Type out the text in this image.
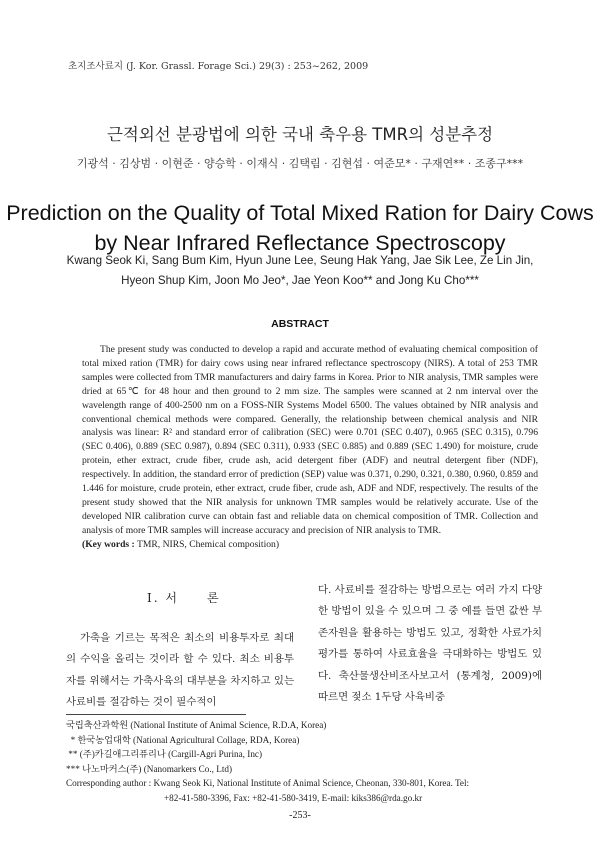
초지조사료지 (J. Kor. Grassl. Forage Sci.) 29(3) : 253~262, 2009
근적외선 분광법에 의한 국내 축우용 TMR의 성분추정
기광석 · 김상범 · 이현준 · 양승학 · 이재식 · 김택림 · 김현섭 · 여준모* · 구재연** · 조종구***
Prediction on the Quality of Total Mixed Ration for Dairy Cows
by Near Infrared Reflectance Spectroscopy
Kwang Seok Ki, Sang Bum Kim, Hyun June Lee, Seung Hak Yang, Jae Sik Lee, Ze Lin Jin,
Hyeon Shup Kim, Joon Mo Jeo*, Jae Yeon Koo** and Jong Ku Cho***
ABSTRACT

The present study was conducted to develop a rapid and accurate method of evaluating chemical composition of total mixed ration (TMR) for dairy cows using near infrared reflectance spectroscopy (NIRS). A total of 253 TMR samples were collected from TMR manufacturers and dairy farms in Korea. Prior to NIR analysis, TMR samples were dried at 65℃ for 48 hour and then ground to 2 mm size. The samples were scanned at 2 nm interval over the wavelength range of 400-2500 nm on a FOSS-NIR Systems Model 6500. The values obtained by NIR analysis and conventional chemical methods were compared. Generally, the relationship between chemical analysis and NIR analysis was linear: R² and standard error of calibration (SEC) were 0.701 (SEC 0.407), 0.965 (SEC 0.315), 0.796 (SEC 0.406), 0.889 (SEC 0.987), 0.894 (SEC 0.311), 0.933 (SEC 0.885) and 0.889 (SEC 1.490) for moisture, crude protein, ether extract, crude fiber, crude ash, acid detergent fiber (ADF) and neutral detergent fiber (NDF), respectively. In addition, the standard error of prediction (SEP) value was 0.371, 0.290, 0.321, 0.380, 0.960, 0.859 and 1.446 for moisture, crude protein, ether extract, crude fiber, crude ash, ADF and NDF, respectively. The results of the present study showed that the NIR analysis for unknown TMR samples would be relatively accurate. Use of the developed NIR calibration curve can obtain fast and reliable data on chemical composition of TMR. Collection and analysis of more TMR samples will increase accuracy and precision of NIR analysis to TMR.

(Key words : TMR, NIRS, Chemical composition)
Ⅰ. 서　　론

가축을 기르는 목적은 최소의 비용투자로 최대의 수익을 올리는 것이라 할 수 있다. 최소 비용투자를 위해서는 가축사육의 대부분을 차지하고 있는 사료비를 절감하는 것이 필수적이

다. 사료비를 절감하는 방법으로는 여러 가지 다양한 방법이 있을 수 있으며 그 중 예를 들면 값싼 부존자원을 활용하는 방법도 있고, 정확한 사료가치 평가를 통하여 사료효율을 극대화하는 방법도 있다. 축산물생산비조사보고서 (통계청, 2009)에 따르면 젖소 1두당 사육비중

국립축산과학원 (National Institute of Animal Science, R.D.A, Korea)
* 한국농업대학 (National Agricultural Collage, RDA, Korea)
** (주)카길애그리퓨리나 (Cargill-Agri Purina, Inc)
*** 나노마커스(주) (Nanomarkers Co., Ltd)
Corresponding author : Kwang Seok Ki, National Institute of Animal Science, Cheonan, 330-801, Korea. Tel:
+82-41-580-3396, Fax: +82-41-580-3419, E-mail: kiks386@rda.go.kr
-253-
